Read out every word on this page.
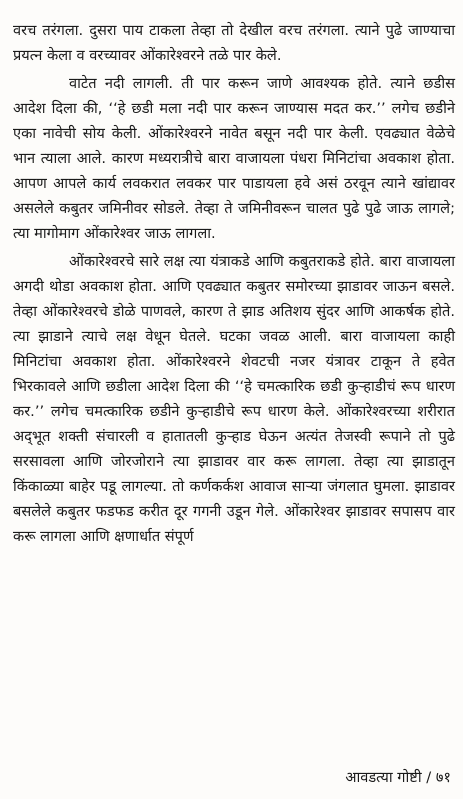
वरच तरंगला. दुसरा पाय टाकला तेव्हा तो देखील वरच तरंगला. त्याने पुढे जाण्याचा प्रयत्न केला व वरच्यावर ओंकारेश्वरने तळे पार केले.

वाटेत नदी लागली. ती पार करून जाणे आवश्यक होते. त्याने छडीस आदेश दिला की, ‘‘हे छडी मला नदी पार करून जाण्यास मदत कर.’’ लगेच छडीने एका नावेची सोय केली. ओंकारेश्वरने नावेत बसून नदी पार केली. एवढ्यात वेळेचे भान त्याला आले. कारण मध्यरात्रीचे बारा वाजायला पंधरा मिनिटांचा अवकाश होता. आपण आपले कार्य लवकरात लवकर पार पाडायला हवे असं ठरवून त्याने खांद्यावर असलेले कबुतर जमिनीवर सोडले. तेव्हा ते जमिनीवरून चालत पुढे पुढे जाऊ लागले; त्या मागोमाग ओंकारेश्वर जाऊ लागला.

ओंकारेश्वरचे सारे लक्ष त्या यंत्राकडे आणि कबुतराकडे होते. बारा वाजायला अगदी थोडा अवकाश होता. आणि एवढ्यात कबुतर समोरच्या झाडावर जाऊन बसले. तेव्हा ओंकारेश्वरचे डोळे पाणवले, कारण ते झाड अतिशय सुंदर आणि आकर्षक होते. त्या झाडाने त्याचे लक्ष वेधून घेतले. घटका जवळ आली. बारा वाजायला काही मिनिटांचा अवकाश होता. ओंकारेश्वरने शेवटची नजर यंत्रावर टाकून ते हवेत भिरकावले आणि छडीला आदेश दिला की ‘‘हे चमत्कारिक छडी कुऱ्हाडीचं रूप धारण कर.’’ लगेच चमत्कारिक छडीने कुऱ्हाडीचे रूप धारण केले. ओंकारेश्वरच्या शरीरात अद्‌भूत शक्ती संचारली व हातातली कुऱ्हाड घेऊन अत्यंत तेजस्वी रूपाने तो पुढे सरसावला आणि जोरजोराने त्या झाडावर वार करू लागला. तेव्हा त्या झाडातून किंकाळ्या बाहेर पडू लागल्या. तो कर्णकर्कश आवाज साऱ्या जंगलात घुमला. झाडावर बसलेले कबुतर फडफड करीत दूर गगनी उडून गेले. ओंकारेश्वर झाडावर सपासप वार करू लागला आणि क्षणार्धात संपूर्ण

आवडत्या गोष्टी / ७१
